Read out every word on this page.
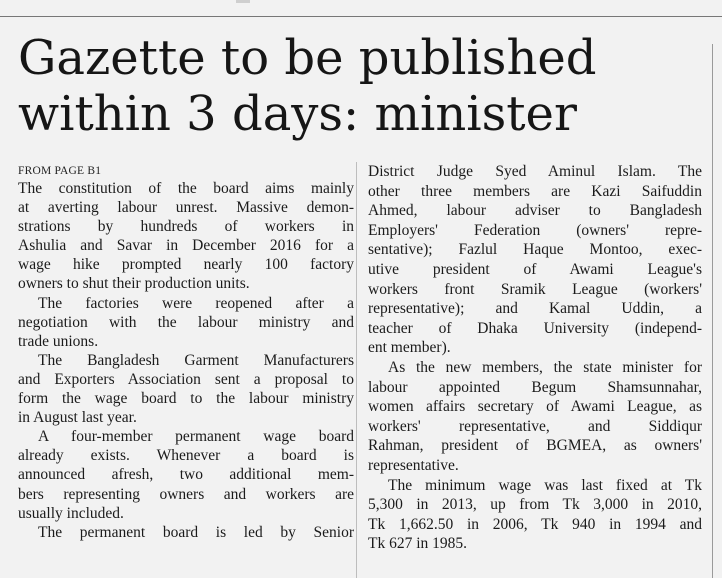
Gazette to be published
within 3 days: minister
FROM PAGE B1
The constitution of the board aims mainly
at averting labour unrest. Massive demon-
strations by hundreds of workers in
Ashulia and Savar in December 2016 for a
wage hike prompted nearly 100 factory
owners to shut their production units.
The factories were reopened after a
negotiation with the labour ministry and
trade unions.
The Bangladesh Garment Manufacturers
and Exporters Association sent a proposal to
form the wage board to the labour ministry
in August last year.
A four-member permanent wage board
already exists. Whenever a board is
announced afresh, two additional mem-
bers representing owners and workers are
usually included.
The permanent board is led by Senior
District Judge Syed Aminul Islam. The
other three members are Kazi Saifuddin
Ahmed, labour adviser to Bangladesh
Employers' Federation (owners' repre-
sentative); Fazlul Haque Montoo, exec-
utive president of Awami League's
workers front Sramik League (workers'
representative); and Kamal Uddin, a
teacher of Dhaka University (independ-
ent member).
As the new members, the state minister for
labour appointed Begum Shamsunnahar,
women affairs secretary of Awami League, as
workers' representative, and Siddiqur
Rahman, president of BGMEA, as owners'
representative.
The minimum wage was last fixed at Tk
5,300 in 2013, up from Tk 3,000 in 2010,
Tk 1,662.50 in 2006, Tk 940 in 1994 and
Tk 627 in 1985.
